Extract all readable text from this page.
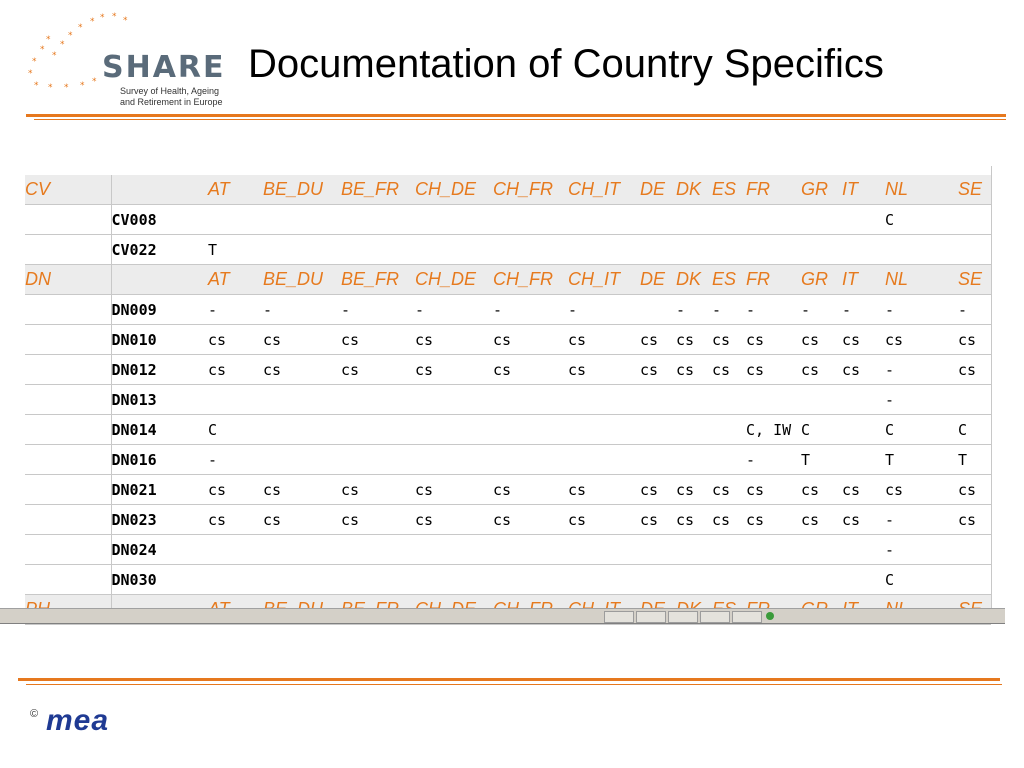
* * * *
*
*
*
*
*
*
* * * * *
*
*
SHARE
Survey of Health, Ageing
and Retirement in Europe
Documentation of Country Specifics
CV		AT	BE_DU	BE_FR	CH_DE	CH_FR	CH_IT	DE	DK	ES	FR	GR	IT	NL	SE
	CV008													C	
	CV022	T													
DN		AT	BE_DU	BE_FR	CH_DE	CH_FR	CH_IT	DE	DK	ES	FR	GR	IT	NL	SE
	DN009	-	-	-	-	-	-		-	-	-	-	-	-	-
	DN010	cs	cs	cs	cs	cs	cs	cs	cs	cs	cs	cs	cs	cs	cs
	DN012	cs	cs	cs	cs	cs	cs	cs	cs	cs	cs	cs	cs	-	cs
	DN013													-	
	DN014	C									C, IW	C		C	C
	DN016	-									-	T		T	T
	DN021	cs	cs	cs	cs	cs	cs	cs	cs	cs	cs	cs	cs	cs	cs
	DN023	cs	cs	cs	cs	cs	cs	cs	cs	cs	cs	cs	cs	-	cs
	DN024													-	
	DN030													C	

© mea
